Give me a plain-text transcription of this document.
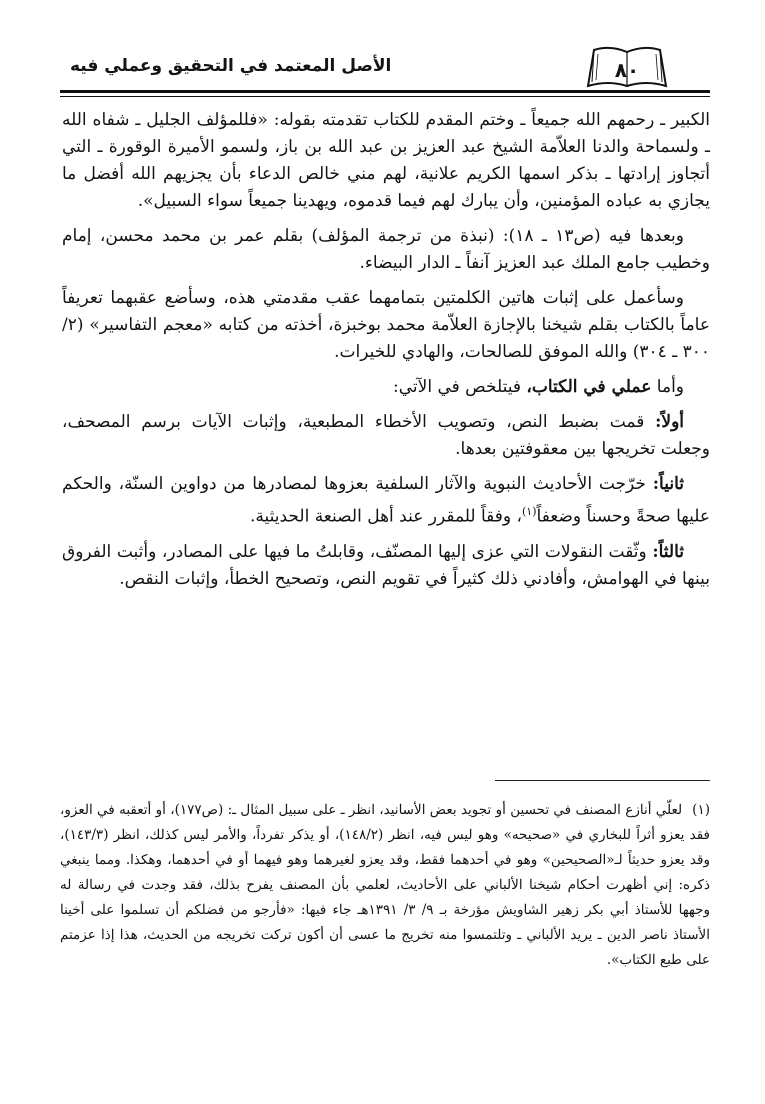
الأصل المعتمد في التحقيق وعملي فيه	٨٠

الكبير ـ رحمهم الله جميعاً ـ وختم المقدم للكتاب تقدمته بقوله: «فللمؤلف الجليل ـ شفاه الله ـ ولسماحة والدنا العلاّمة الشيخ عبد العزيز بن عبد الله بن باز، ولسمو الأميرة الوقورة ـ التي أتجاوز إرادتها ـ بذكر اسمها الكريم علانية، لهم مني خالص الدعاء بأن يجزيهم الله أفضل ما يجازي به عباده المؤمنين، وأن يبارك لهم فيما قدموه، ويهدينا جميعاً سواء السبيل».

وبعدها فيه (ص١٣ ـ ١٨): (نبذة من ترجمة المؤلف) بقلم عمر بن محمد محسن، إمام وخطيب جامع الملك عبد العزيز آنفاً ـ الدار البيضاء.

وسأعمل على إثبات هاتين الكلمتين بتمامهما عقب مقدمتي هذه، وسأضع عقبهما تعريفاً عاماً بالكتاب بقلم شيخنا بالإجازة العلاّمة محمد بوخبزة، أخذته من كتابه «معجم التفاسير» (٢/ ٣٠٠ ـ ٣٠٤) والله الموفق للصالحات، والهادي للخيرات.

وأما عملي في الكتاب، فيتلخص في الآتي:

أولاً: قمت بضبط النص، وتصويب الأخطاء المطبعية، وإثبات الآيات برسم المصحف، وجعلت تخريجها بين معقوفتين بعدها.

ثانياً: خرّجت الأحاديث النبوية والآثار السلفية بعزوها لمصادرها من دواوين السنّة، والحكم عليها صحةً وحسناً وضعفاً$^{(١)}$، وفقاً للمقرر عند أهل الصنعة الحديثية.

ثالثاً: وثّقت النقولات التي عزى إليها المصنّف، وقابلتُ ما فيها على المصادر، وأثبت الفروق بينها في الهوامش، وأفادني ذلك كثيراً في تقويم النص، وتصحيح الخطأ، وإثبات النقص.

(١)لعلّي أنازع المصنف في تحسين أو تجويد بعض الأسانيد، انظر ـ على سبيل المثال ـ: (ص١٧٧)، أو أتعقبه في العزو، فقد يعزو أثراً للبخاري في «صحيحه» وهو ليس فيه، انظر (١٤٨/٢)، أو يذكر تفرداً، والأمر ليس كذلك، انظر (١٤٣/٣)، وقد يعزو حديثاً لـ«الصحيحين» وهو في أحدهما فقط، وقد يعزو لغيرهما وهو فيهما أو في أحدهما، وهكذا. ومما ينبغي ذكره: إني أظهرت أحكام شيخنا الألباني على الأحاديث، لعلمي بأن المصنف يفرح بذلك، فقد وجدت في رسالة له وجهها للأستاذ أبي بكر زهير الشاويش مؤرخة بـ ٩/ ٣/ ١٣٩١هـ جاء فيها: «فأرجو من فضلكم أن تسلموا على أخينا الأستاذ ناصر الدين ـ يريد الألباني ـ وتلتمسوا منه تخريج ما عسى أن أكون تركت تخريجه من الحديث، هذا إذا عزمتم على طبع الكتاب».
